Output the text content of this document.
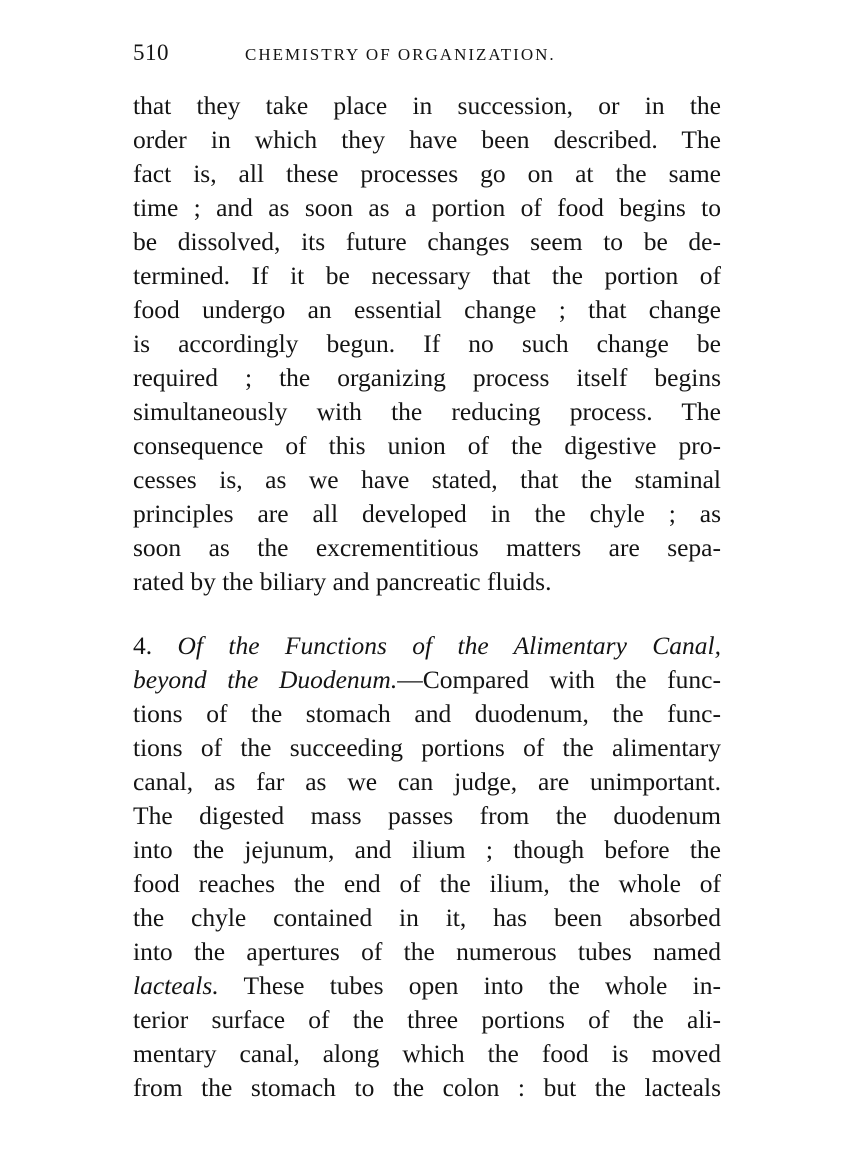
510	CHEMISTRY OF ORGANIZATION.
that they take place in succession, or in the
order in which they have been described. The
fact is, all these processes go on at the same
time ; and as soon as a portion of food begins to
be dissolved, its future changes seem to be de-
termined. If it be necessary that the portion of
food undergo an essential change ; that change
is accordingly begun. If no such change be
required ; the organizing process itself begins
simultaneously with the reducing process. The
consequence of this union of the digestive pro-
cesses is, as we have stated, that the staminal
principles are all developed in the chyle ; as
soon as the excrementitious matters are sepa-
rated by the biliary and pancreatic fluids.
4. Of the Functions of the Alimentary Canal,
beyond the Duodenum.—Compared with the func-
tions of the stomach and duodenum, the func-
tions of the succeeding portions of the alimentary
canal, as far as we can judge, are unimportant.
The digested mass passes from the duodenum
into the jejunum, and ilium ; though before the
food reaches the end of the ilium, the whole of
the chyle contained in it, has been absorbed
into the apertures of the numerous tubes named
lacteals. These tubes open into the whole in-
terior surface of the three portions of the ali-
mentary canal, along which the food is moved
from the stomach to the colon : but the lacteals
